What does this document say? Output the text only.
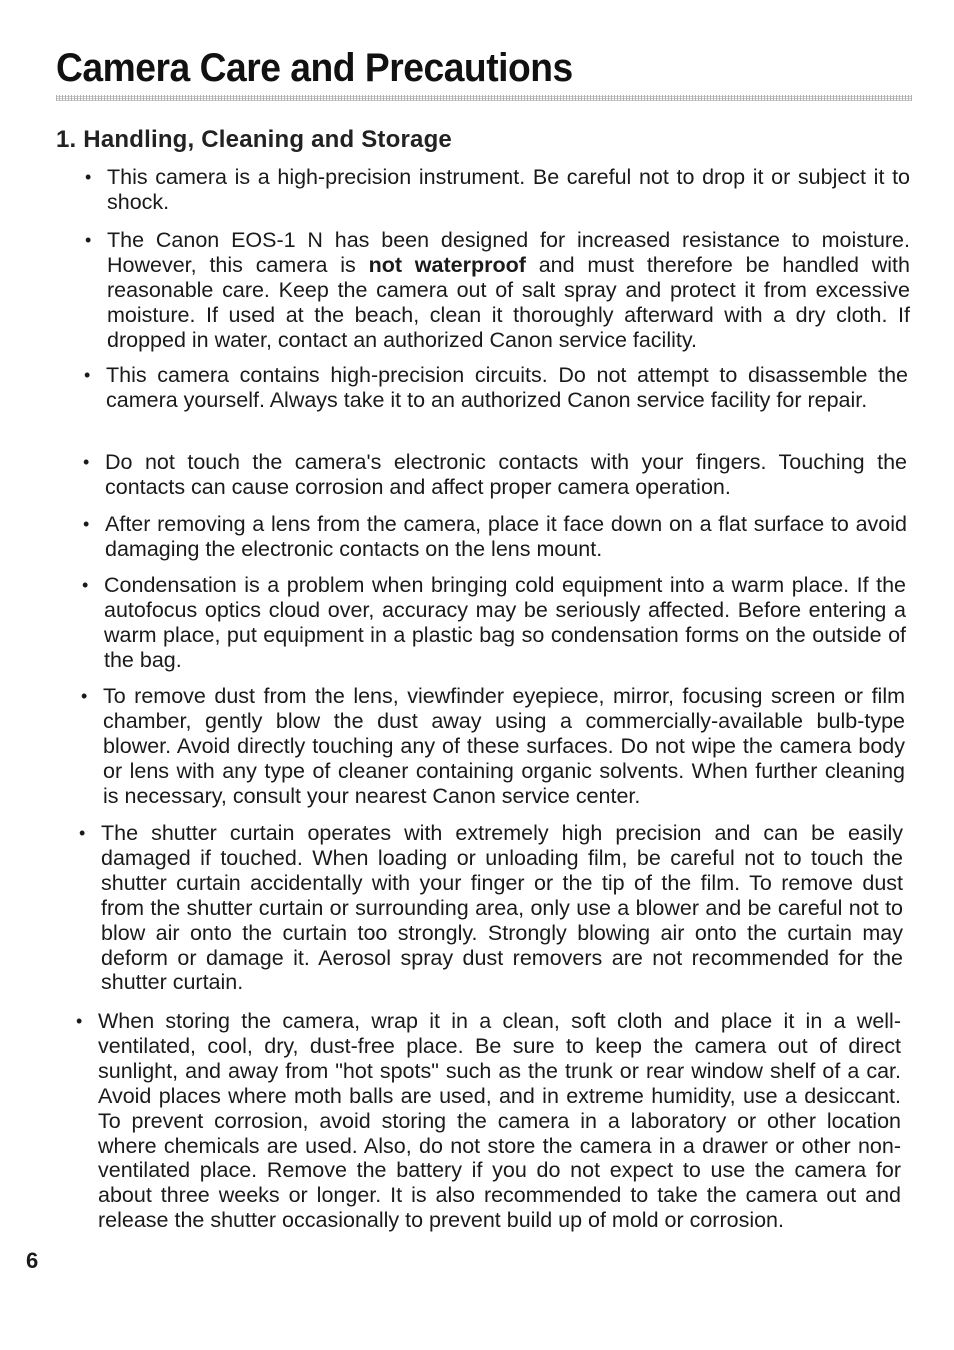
Camera Care and Precautions
1. Handling, Cleaning and Storage
• This camera is a high-precision instrument. Be careful not to drop it or subject it to shock.
• The Canon EOS-1 N has been designed for increased resistance to moisture. However, this camera is not waterproof and must therefore be handled with reasonable care. Keep the camera out of salt spray and protect it from excessive moisture. If used at the beach, clean it thoroughly afterward with a dry cloth. If dropped in water, contact an authorized Canon service facility.
• This camera contains high-precision circuits. Do not attempt to disassemble the camera yourself. Always take it to an authorized Canon service facility for repair.
• Do not touch the camera's electronic contacts with your fingers. Touching the contacts can cause corrosion and affect proper camera operation.
• After removing a lens from the camera, place it face down on a flat surface to avoid damaging the electronic contacts on the lens mount.
• Condensation is a problem when bringing cold equipment into a warm place. If the autofocus optics cloud over, accuracy may be seriously affected. Before entering a warm place, put equipment in a plastic bag so condensation forms on the outside of the bag.
• To remove dust from the lens, viewfinder eyepiece, mirror, focusing screen or film chamber, gently blow the dust away using a commercially-available bulb-type blower. Avoid directly touching any of these surfaces. Do not wipe the camera body or lens with any type of cleaner containing organic solvents. When further cleaning is necessary, consult your nearest Canon service center.
• The shutter curtain operates with extremely high precision and can be easily damaged if touched. When loading or unloading film, be careful not to touch the shutter curtain accidentally with your finger or the tip of the film. To remove dust from the shutter curtain or surrounding area, only use a blower and be careful not to blow air onto the curtain too strongly. Strongly blowing air onto the curtain may deform or damage it. Aerosol spray dust removers are not recommended for the shutter curtain.
• When storing the camera, wrap it in a clean, soft cloth and place it in a well-ventilated, cool, dry, dust-free place. Be sure to keep the camera out of direct sunlight, and away from "hot spots" such as the trunk or rear window shelf of a car. Avoid places where moth balls are used, and in extreme humidity, use a desiccant. To prevent corrosion, avoid storing the camera in a laboratory or other location where chemicals are used. Also, do not store the camera in a drawer or other non-ventilated place. Remove the battery if you do not expect to use the camera for about three weeks or longer. It is also recommended to take the camera out and release the shutter occasionally to prevent build up of mold or corrosion.
6
